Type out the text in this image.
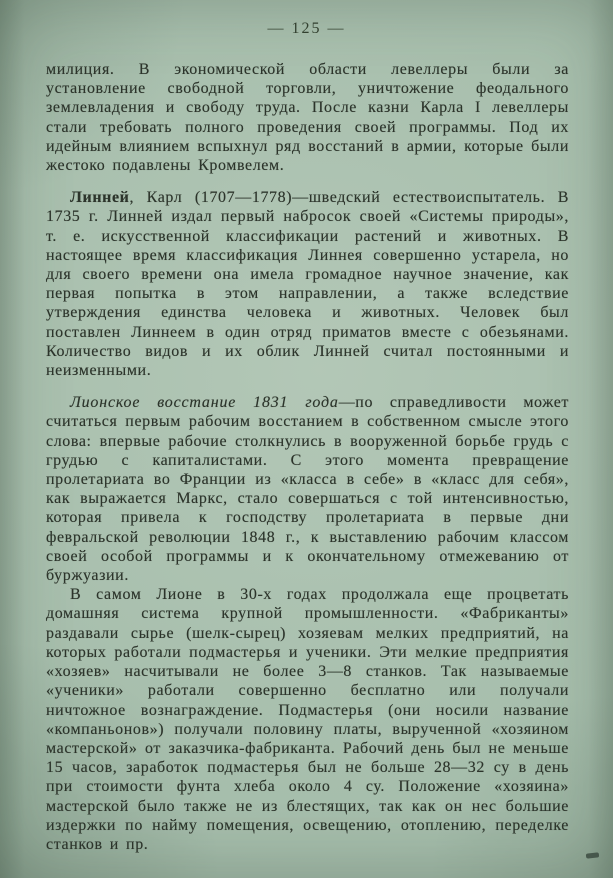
— 125 —

милиция. В экономической области левеллеры были за установление свободной торговли, уничтожение феодального землевладения и свободу труда. После казни Карла I левеллеры стали требовать полного проведения своей программы. Под их идейным влиянием вспыхнул ряд восстаний в армии, которые были жестоко подавлены Кромвелем.

Линней, Карл (1707—1778)—шведский естествоиспытатель. В 1735 г. Линней издал первый набросок своей «Системы природы», т. е. искусственной классификации растений и животных. В настоящее время классификация Линнея совершенно устарела, но для своего времени она имела громадное научное значение, как первая попытка в этом направлении, а также вследствие утверждения единства человека и животных. Человек был поставлен Линнеем в один отряд приматов вместе с обезьянами. Количество видов и их облик Линней считал постоянными и неизменными.

Лионское восстание 1831 года—по справедливости может считаться первым рабочим восстанием в собственном смысле этого слова: впервые рабочие столкнулись в вооруженной борьбе грудь с грудью с капиталистами. С этого момента превращение пролетариата во Франции из «класса в себе» в «класс для себя», как выражается Маркс, стало совершаться с той интенсивностью, которая привела к господству пролетариата в первые дни февральской революции 1848 г., к выставлению рабочим классом своей особой программы и к окончательному отмежеванию от буржуазии.

В самом Лионе в 30-х годах продолжала еще процветать домашняя система крупной промышленности. «Фабриканты» раздавали сырье (шелк-сырец) хозяевам мелких предприятий, на которых работали подмастерья и ученики. Эти мелкие предприятия «хозяев» насчитывали не более 3—8 станков. Так называемые «ученики» работали совершенно бесплатно или получали ничтожное вознаграждение. Подмастерья (они носили название «компаньонов») получали половину платы, вырученной «хозяином мастерской» от заказчика-фабриканта. Рабочий день был не меньше 15 часов, заработок подмастерья был не больше 28—32 су в день при стоимости фунта хлеба около 4 су. Положение «хозяина» мастерской было также не из блестящих, так как он нес большие издержки по найму помещения, освещению, отоплению, переделке станков и пр.
